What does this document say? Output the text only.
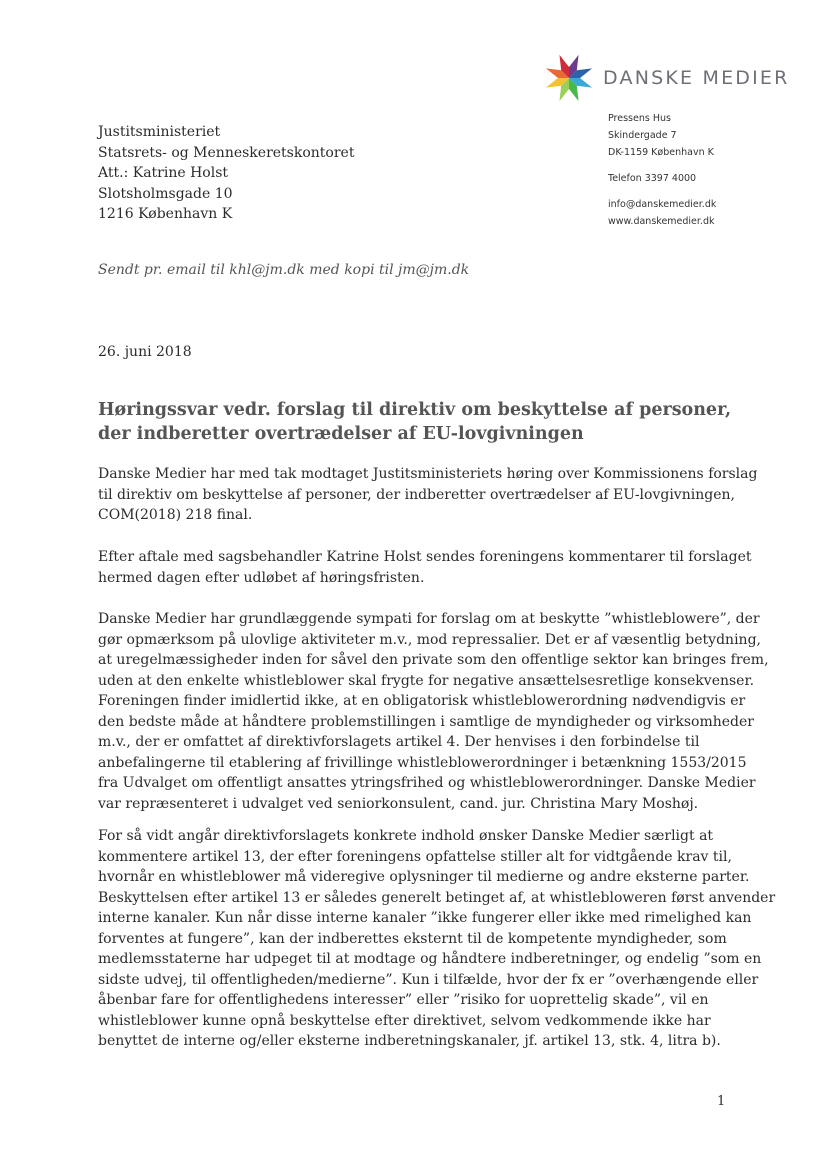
DANSKE MEDIER
Pressens Hus
Skindergade 7
DK-1159 København K
Telefon 3397 4000
info@danskemedier.dk
www.danskemedier.dk
Justitsministeriet
Statsrets- og Menneskeretskontoret
Att.: Katrine Holst
Slotsholmsgade 10
1216 København K
Sendt pr. email til khl@jm.dk med kopi til jm@jm.dk
26. juni 2018
Høringssvar vedr. forslag til direktiv om beskyttelse af personer,
der indberetter overtrædelser af EU-lovgivningen
Danske Medier har med tak modtaget Justitsministeriets høring over Kommissionens forslag
til direktiv om beskyttelse af personer, der indberetter overtrædelser af EU-lovgivningen,
COM(2018) 218 final.
Efter aftale med sagsbehandler Katrine Holst sendes foreningens kommentarer til forslaget
hermed dagen efter udløbet af høringsfristen.
Danske Medier har grundlæggende sympati for forslag om at beskytte ”whistleblowere”, der
gør opmærksom på ulovlige aktiviteter m.v., mod repressalier. Det er af væsentlig betydning,
at uregelmæssigheder inden for såvel den private som den offentlige sektor kan bringes frem,
uden at den enkelte whistleblower skal frygte for negative ansættelsesretlige konsekvenser.
Foreningen finder imidlertid ikke, at en obligatorisk whistleblowerordning nødvendigvis er
den bedste måde at håndtere problemstillingen i samtlige de myndigheder og virksomheder
m.v., der er omfattet af direktivforslagets artikel 4. Der henvises i den forbindelse til
anbefalingerne til etablering af frivillinge whistleblowerordninger i betænkning 1553/2015
fra Udvalget om offentligt ansattes ytringsfrihed og whistleblowerordninger. Danske Medier
var repræsenteret i udvalget ved seniorkonsulent, cand. jur. Christina Mary Moshøj.
For så vidt angår direktivforslagets konkrete indhold ønsker Danske Medier særligt at
kommentere artikel 13, der efter foreningens opfattelse stiller alt for vidtgående krav til,
hvornår en whistleblower må videregive oplysninger til medierne og andre eksterne parter.
Beskyttelsen efter artikel 13 er således generelt betinget af, at whistlebloweren først anvender
interne kanaler. Kun når disse interne kanaler ”ikke fungerer eller ikke med rimelighed kan
forventes at fungere”, kan der indberettes eksternt til de kompetente myndigheder, som
medlemsstaterne har udpeget til at modtage og håndtere indberetninger, og endelig ”som en
sidste udvej, til offentligheden/medierne”. Kun i tilfælde, hvor der fx er ”overhængende eller
åbenbar fare for offentlighedens interesser” eller ”risiko for uoprettelig skade”, vil en
whistleblower kunne opnå beskyttelse efter direktivet, selvom vedkommende ikke har
benyttet de interne og/eller eksterne indberetningskanaler, jf. artikel 13, stk. 4, litra b).
1
